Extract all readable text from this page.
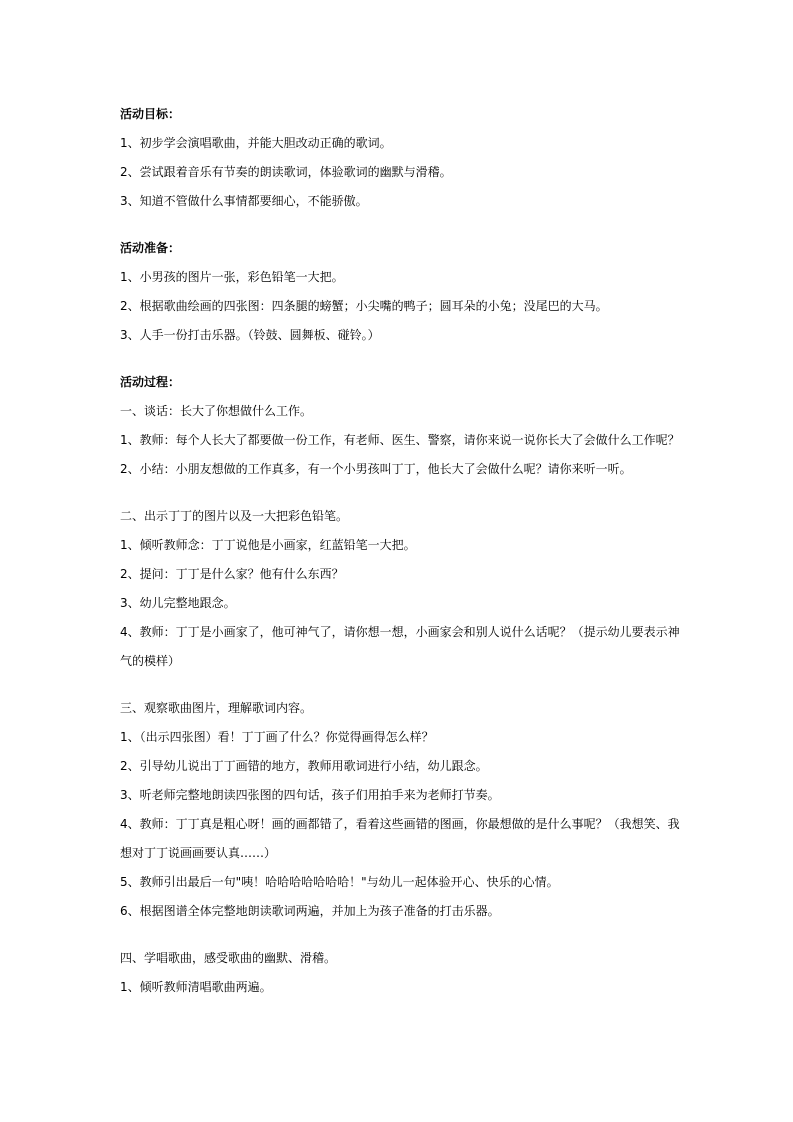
活动目标：
1、初步学会演唱歌曲，并能大胆改动正确的歌词。
2、尝试跟着音乐有节奏的朗读歌词，体验歌词的幽默与滑稽。
3、知道不管做什么事情都要细心，不能骄傲。
活动准备：
1、小男孩的图片一张，彩色铅笔一大把。
2、根据歌曲绘画的四张图：四条腿的螃蟹；小尖嘴的鸭子；圆耳朵的小兔；没尾巴的大马。
3、人手一份打击乐器。（铃鼓、圆舞板、碰铃。）
活动过程：
一、谈话：长大了你想做什么工作。
1、教师：每个人长大了都要做一份工作，有老师、医生、警察，请你来说一说你长大了会做什么工作呢？
2、小结：小朋友想做的工作真多，有一个小男孩叫丁丁，他长大了会做什么呢？请你来听一听。
二、出示丁丁的图片以及一大把彩色铅笔。
1、倾听教师念：丁丁说他是小画家，红蓝铅笔一大把。
2、提问：丁丁是什么家？他有什么东西？
3、幼儿完整地跟念。
4、教师：丁丁是小画家了，他可神气了，请你想一想，小画家会和别人说什么话呢？（提示幼儿要表示神气的模样）
三、观察歌曲图片，理解歌词内容。
1、（出示四张图）看！丁丁画了什么？你觉得画得怎么样？
2、引导幼儿说出丁丁画错的地方，教师用歌词进行小结，幼儿跟念。
3、听老师完整地朗读四张图的四句话，孩子们用拍手来为老师打节奏。
4、教师：丁丁真是粗心呀！画的画都错了，看着这些画错的图画，你最想做的是什么事呢？（我想笑、我想对丁丁说画画要认真……）
5、教师引出最后一句"咦！哈哈哈哈哈哈哈！"与幼儿一起体验开心、快乐的心情。
6、根据图谱全体完整地朗读歌词两遍，并加上为孩子准备的打击乐器。
四、学唱歌曲，感受歌曲的幽默、滑稽。
1、倾听教师清唱歌曲两遍。
